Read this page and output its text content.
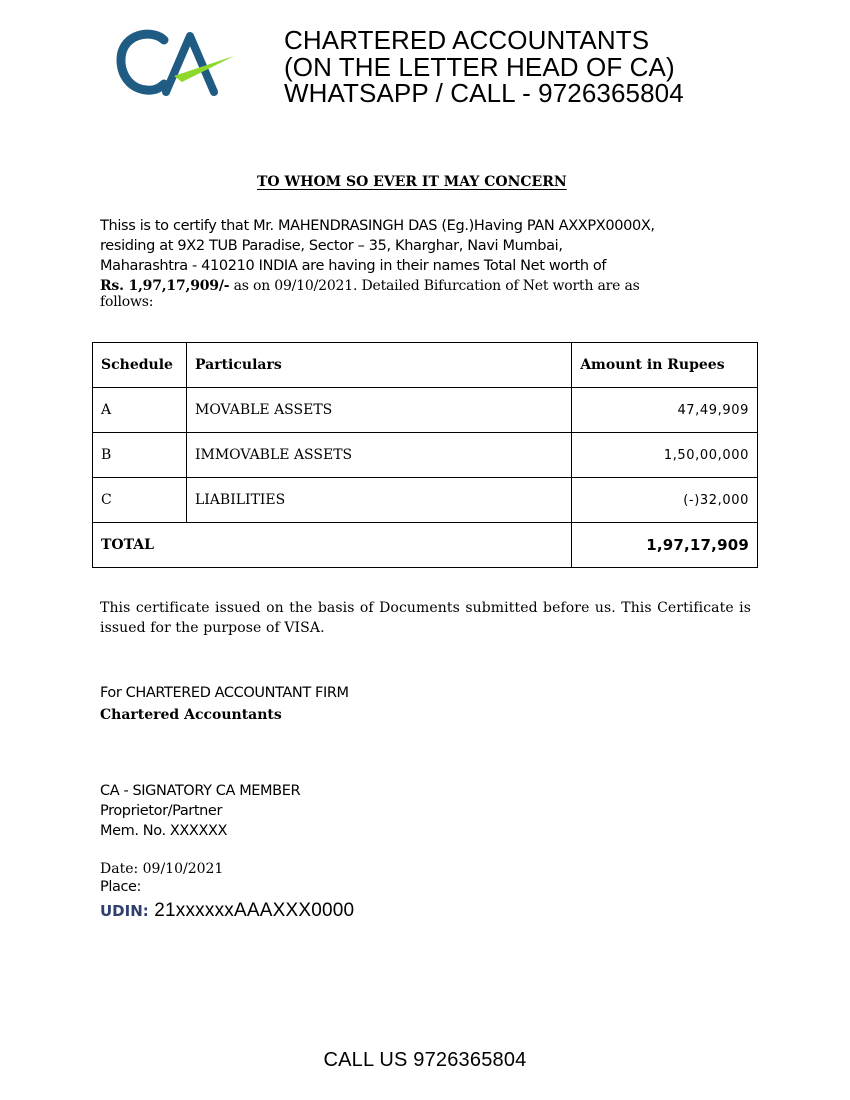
CHARTERED ACCOUNTANTS
(ON THE LETTER HEAD OF CA)
WHATSAPP / CALL - 9726365804
TO WHOM SO EVER IT MAY CONCERN
Thiss is to certify that Mr. MAHENDRASINGH DAS (Eg.)Having PAN AXXPX0000X,
residing at 9X2 TUB Paradise, Sector – 35, Kharghar, Navi Mumbai,
Maharashtra - 410210 INDIA are having in their names Total Net worth of
Rs. 1,97,17,909/- as on 09/10/2021. Detailed Bifurcation of Net worth are as
follows:
Schedule	Particulars	Amount in Rupees
A	MOVABLE ASSETS	47,49,909
B	IMMOVABLE ASSETS	1,50,00,000
C	LIABILITIES	(-)32,000
TOTAL		1,97,17,909
This certificate issued on the basis of Documents submitted before us. This Certificate is issued for the purpose of VISA.
For CHARTERED ACCOUNTANT FIRM
Chartered Accountants
CA - SIGNATORY CA MEMBER
Proprietor/Partner
Mem. No. XXXXXX
Date: 09/10/2021
Place:
UDIN: 21xxxxxxAAAXXX0000
CALL US 9726365804
